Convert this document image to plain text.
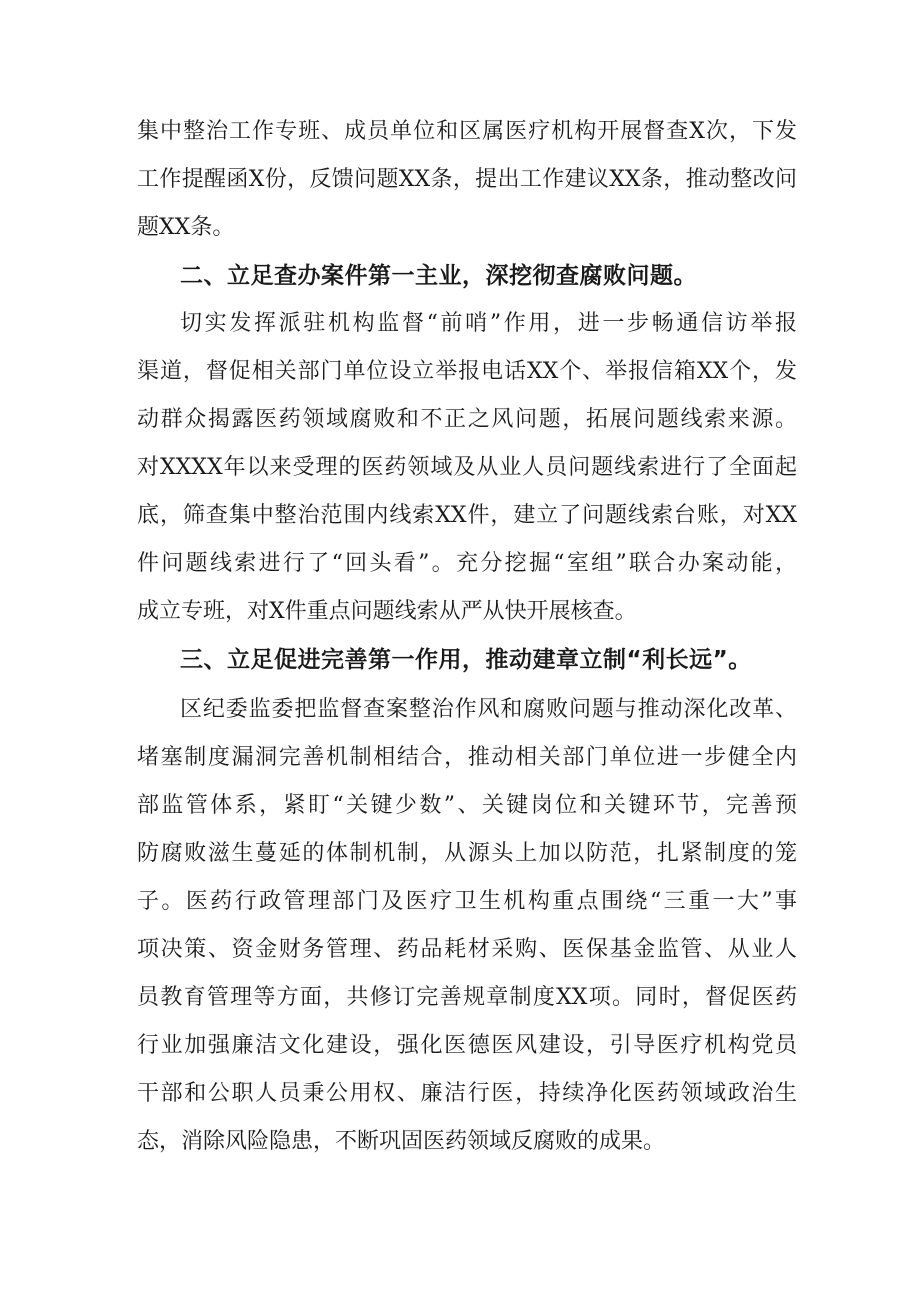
集中整治工作专班、成员单位和区属医疗机构开展督查X次，下发
工作提醒函X份，反馈问题XX条，提出工作建议XX条，推动整改问
题XX条。
二、立足查办案件第一主业，深挖彻查腐败问题。
切实发挥派驻机构监督“前哨”作用，进一步畅通信访举报
渠道，督促相关部门单位设立举报电话XX个、举报信箱XX个，发
动群众揭露医药领域腐败和不正之风问题，拓展问题线索来源。
对XXXX年以来受理的医药领域及从业人员问题线索进行了全面起
底，筛查集中整治范围内线索XX件，建立了问题线索台账，对XX
件问题线索进行了“回头看”。充分挖掘“室组”联合办案动能，
成立专班，对X件重点问题线索从严从快开展核查。
三、立足促进完善第一作用，推动建章立制“利长远”。
区纪委监委把监督查案整治作风和腐败问题与推动深化改革、
堵塞制度漏洞完善机制相结合，推动相关部门单位进一步健全内
部监管体系，紧盯“关键少数”、关键岗位和关键环节，完善预
防腐败滋生蔓延的体制机制，从源头上加以防范，扎紧制度的笼
子。医药行政管理部门及医疗卫生机构重点围绕“三重一大”事
项决策、资金财务管理、药品耗材采购、医保基金监管、从业人
员教育管理等方面，共修订完善规章制度XX项。同时，督促医药
行业加强廉洁文化建设，强化医德医风建设，引导医疗机构党员
干部和公职人员秉公用权、廉洁行医，持续净化医药领域政治生
态，消除风险隐患，不断巩固医药领域反腐败的成果。
